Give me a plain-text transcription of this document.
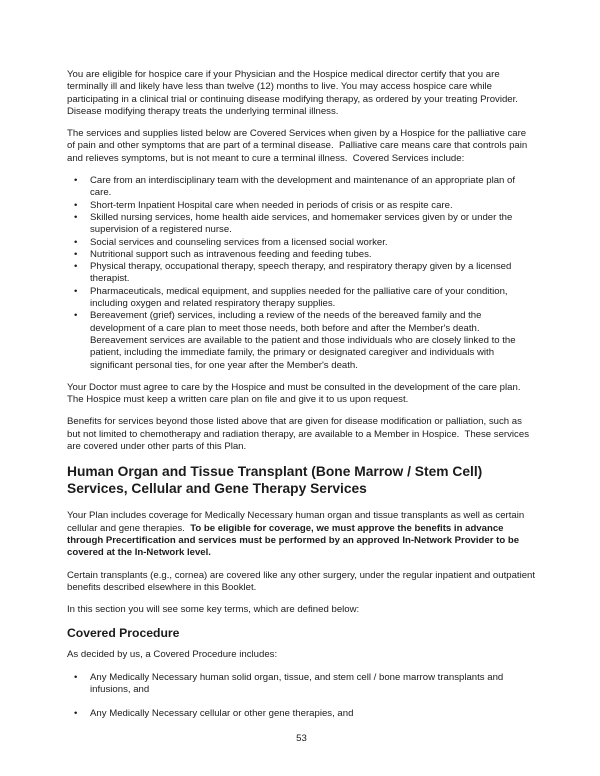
You are eligible for hospice care if your Physician and the Hospice medical director certify that you are terminally ill and likely have less than twelve (12) months to live. You may access hospice care while participating in a clinical trial or continuing disease modifying therapy, as ordered by your treating Provider. Disease modifying therapy treats the underlying terminal illness.

The services and supplies listed below are Covered Services when given by a Hospice for the palliative care of pain and other symptoms that are part of a terminal disease.  Palliative care means care that controls pain and relieves symptoms, but is not meant to cure a terminal illness.  Covered Services include:

• Care from an interdisciplinary team with the development and maintenance of an appropriate plan of care.
• Short-term Inpatient Hospital care when needed in periods of crisis or as respite care.
• Skilled nursing services, home health aide services, and homemaker services given by or under the supervision of a registered nurse.
• Social services and counseling services from a licensed social worker.
• Nutritional support such as intravenous feeding and feeding tubes.
• Physical therapy, occupational therapy, speech therapy, and respiratory therapy given by a licensed therapist.
• Pharmaceuticals, medical equipment, and supplies needed for the palliative care of your condition, including oxygen and related respiratory therapy supplies.
• Bereavement (grief) services, including a review of the needs of the bereaved family and the development of a care plan to meet those needs, both before and after the Member's death. Bereavement services are available to the patient and those individuals who are closely linked to the patient, including the immediate family, the primary or designated caregiver and individuals with significant personal ties, for one year after the Member's death.

Your Doctor must agree to care by the Hospice and must be consulted in the development of the care plan. The Hospice must keep a written care plan on file and give it to us upon request.

Benefits for services beyond those listed above that are given for disease modification or palliation, such as but not limited to chemotherapy and radiation therapy, are available to a Member in Hospice.  These services are covered under other parts of this Plan.

Human Organ and Tissue Transplant (Bone Marrow / Stem Cell) Services, Cellular and Gene Therapy Services

Your Plan includes coverage for Medically Necessary human organ and tissue transplants as well as certain cellular and gene therapies.  To be eligible for coverage, we must approve the benefits in advance through Precertification and services must be performed by an approved In-Network Provider to be covered at the In-Network level.

Certain transplants (e.g., cornea) are covered like any other surgery, under the regular inpatient and outpatient benefits described elsewhere in this Booklet.

In this section you will see some key terms, which are defined below:

Covered Procedure

As decided by us, a Covered Procedure includes:

• Any Medically Necessary human solid organ, tissue, and stem cell / bone marrow transplants and infusions, and
• Any Medically Necessary cellular or other gene therapies, and
53
